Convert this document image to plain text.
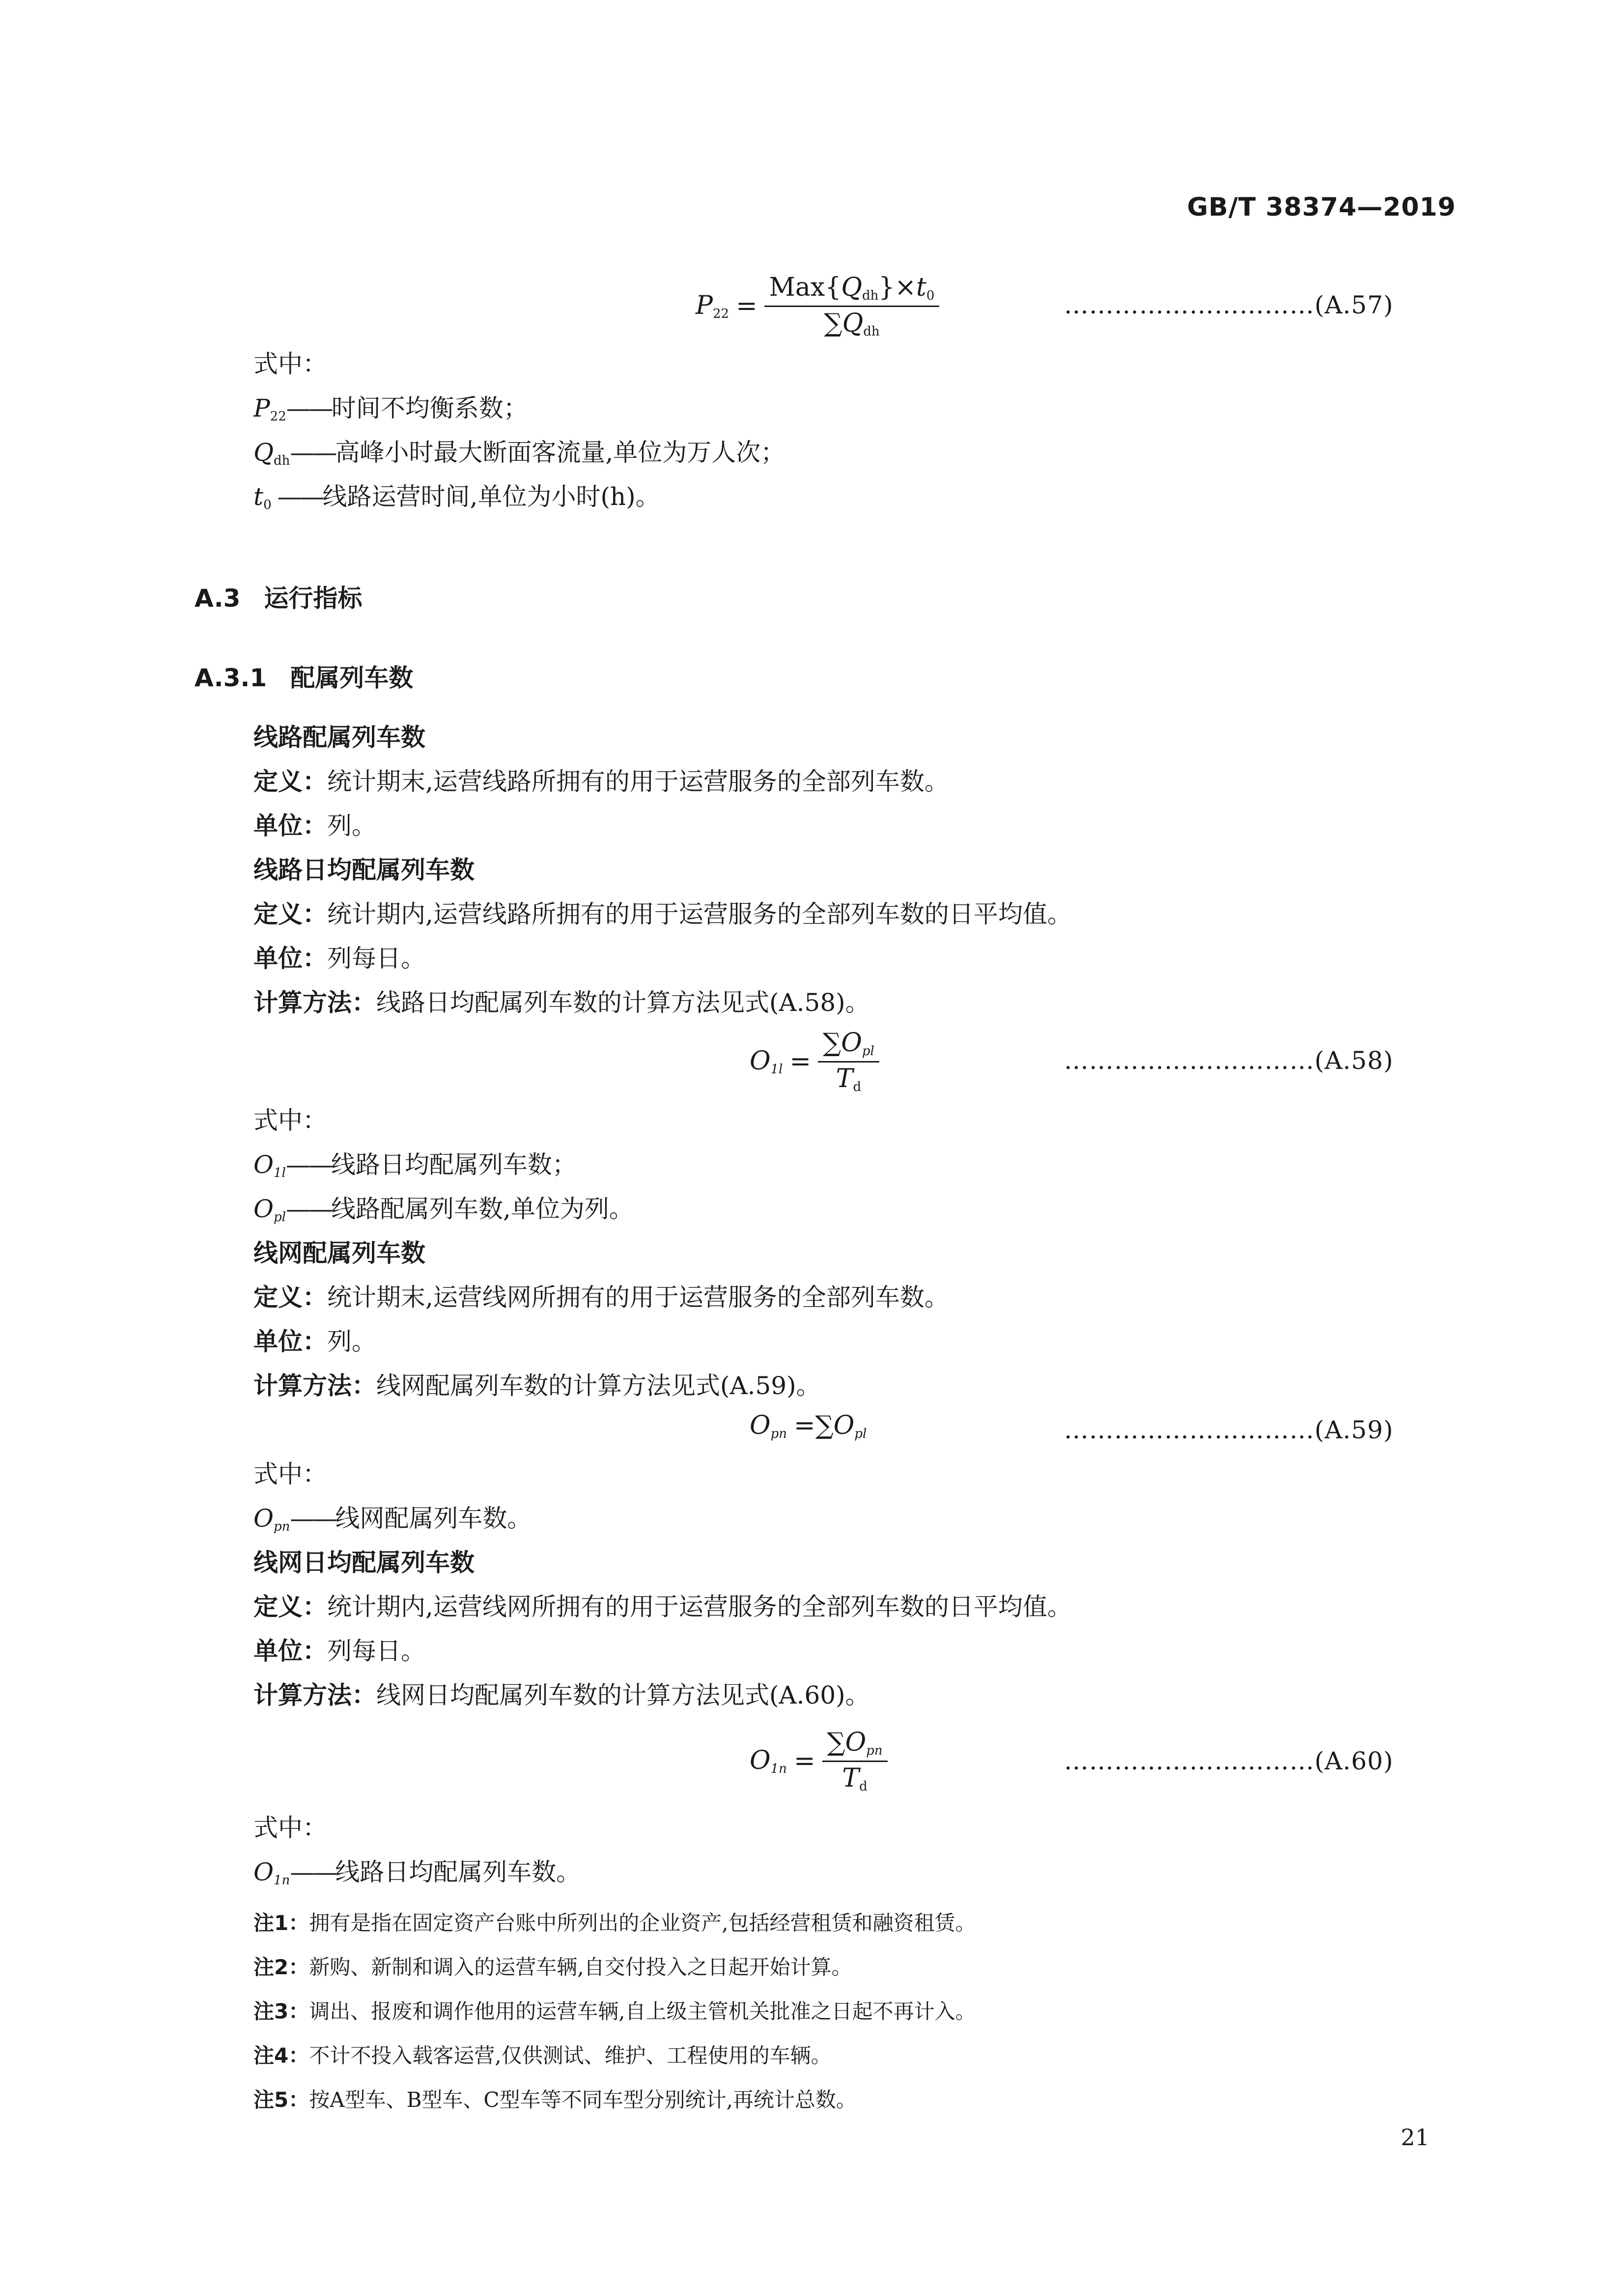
GB/T 38374—2019
$P_{22} = \frac{Max\{Q_{dh}\}\times t_0}{\sum Q_{dh}}$	…………………………(A.57)
式中：
$P_{22}——$时间不均衡系数；
$Q_{dh}——$高峰小时最大断面客流量,单位为万人次；
$t_0$ ——线路运营时间,单位为小时(h)。
A.3 运行指标
A.3.1 配属列车数
线路配属列车数
定义：统计期末,运营线路所拥有的用于运营服务的全部列车数。
单位：列。
线路日均配属列车数
定义：统计期内,运营线路所拥有的用于运营服务的全部列车数的日平均值。
单位：列每日。
计算方法：线路日均配属列车数的计算方法见式(A.58)。
$O1l = \frac{\text{∑Opl}}{T_d}$	…………………………(A.58)
式中：
O1l——线路日均配属列车数；
Opl——线路配属列车数,单位为列。
线网配属列车数
定义：统计期末,运营线网所拥有的用于运营服务的全部列车数。
单位：列。
计算方法：线网配属列车数的计算方法见式(A.59)。
Opn =∑Opl	…………………………(A.59)
式中：
Opn——线网配属列车数。
线网日均配属列车数
定义：统计期内,运营线网所拥有的用于运营服务的全部列车数的日平均值。
单位：列每日。
计算方法：线网日均配属列车数的计算方法见式(A.60)。
$O1n = \frac{\text{∑Opn}}{T_d}$	…………………………(A.60)
式中：
O1n——线路日均配属列车数。
注1：拥有是指在固定资产台账中所列出的企业资产,包括经营租赁和融资租赁。
注2：新购、新制和调入的运营车辆,自交付投入之日起开始计算。
注3：调出、报废和调作他用的运营车辆,自上级主管机关批准之日起不再计入。
注4：不计不投入载客运营,仅供测试、维护、工程使用的车辆。
注5：按A型车、B型车、C型车等不同车型分别统计,再统计总数。
21
